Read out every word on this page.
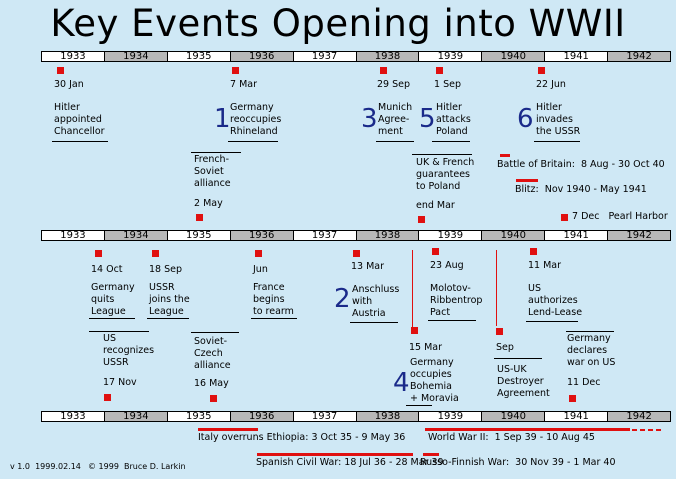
Key Events Opening into WWII
1933	1934	1935	1936	1937	1938	1939	1940	1941	1942
1933	1934	1935	1936	1937	1938	1939	1940	1941	1942
1933	1934	1935	1936	1937	1938	1939	1940	1941	1942
30 Jan
Hitler
appointed
Chancellor
7 Mar
1 Germany
reoccupies
Rhineland
29 Sep
3 Munich
Agree-
ment
1 Sep
5 Hitler
attacks
Poland
22 Jun
6 Hitler
invades
the USSR
French-
Soviet
alliance
2 May
UK & French
guarantees
to Poland
end Mar
Battle of Britain:  8 Aug - 30 Oct 40
Blitz:  Nov 1940 - May 1941
7 Dec   Pearl Harbor
14 Oct
Germany
quits
League
18 Sep
USSR
joins the
League
Jun
France
begins
to rearm
13 Mar
2 Anschluss
with
Austria
23 Aug
Molotov-
Ribbentrop
Pact
11 Mar
US
authorizes
Lend-Lease
US
recognizes
USSR
17 Nov
Soviet-
Czech
alliance
16 May
15 Mar
4
Germany
occupies
Bohemia
+ Moravia
Sep
US-UK
Destroyer
Agreement
Germany
declares
war on US
11 Dec
Italy overruns Ethiopia: 3 Oct 35 - 9 May 36 World War II:  1 Sep 39 - 10 Aug 45
Spanish Civil War: 18 Jul 36 - 28 Mar 39
Russo-Finnish War:  30 Nov 39 - 1 Mar 40
v 1.0  1999.02.14 © 1999  Bruce D. Larkin
